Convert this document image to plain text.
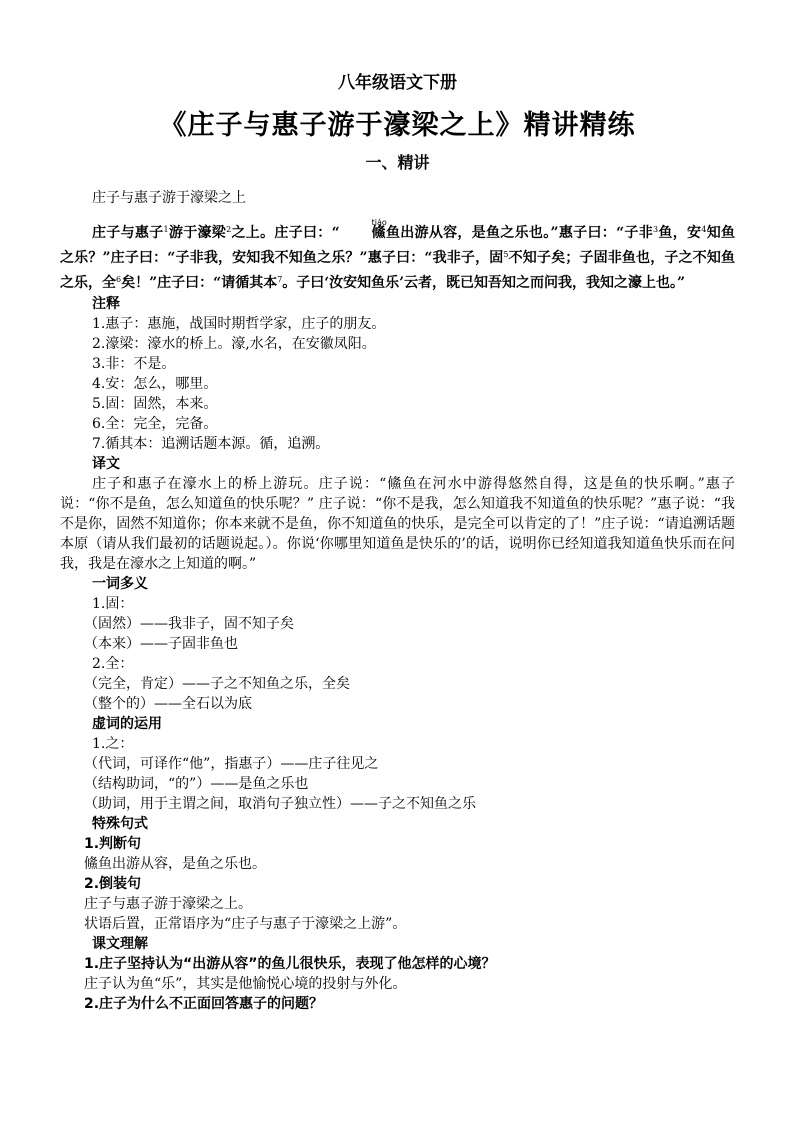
八年级语文下册
《庄子与惠子游于濠梁之上》精讲精练
一、精讲
庄子与惠子游于濠梁之上

庄子与惠子$^1$游于濠梁$^2$之上。庄子曰：“
tiáo
鯈鱼出游从容，是鱼之乐也。”惠子曰：“子非$^3$鱼，安$^4$知鱼之乐？”庄子曰：“子非我，安知我不知鱼之乐？”惠子曰：“我非子，固$^5$不知子矣；子固非鱼也，子之不知鱼之乐，全$^6$矣！”庄子曰：“请循其本$^7$。子曰‘汝安知鱼乐’云者，既已知吾知之而问我，我知之濠上也。”

注释
1.惠子：惠施，战国时期哲学家，庄子的朋友。
2.濠梁：濠水的桥上。濠,水名，在安徽凤阳。
3.非：不是。
4.安：怎么，哪里。
5.固：固然，本来。
6.全：完全，完备。
7.循其本：追溯话题本源。循，追溯。
译文

庄子和惠子在濠水上的桥上游玩。庄子说：“鯈鱼在河水中游得悠然自得，这是鱼的快乐啊。”惠子说：“你不是鱼，怎么知道鱼的快乐呢？” 庄子说：“你不是我，怎么知道我不知道鱼的快乐呢？”惠子说：“我不是你，固然不知道你；你本来就不是鱼，你不知道鱼的快乐，是完全可以肯定的了！”庄子说：“请追溯话题本原（请从我们最初的话题说起。）。你说‘你哪里知道鱼是快乐的’的话，说明你已经知道我知道鱼快乐而在问我，我是在濠水之上知道的啊。”

一词多义
1.固：
（固然）——我非子，固不知子矣
（本来）——子固非鱼也
2.全：
（完全，肯定）——子之不知鱼之乐，全矣
（整个的）——全石以为底
虚词的运用
1.之：
（代词，可译作“他”，指惠子）——庄子往见之
（结构助词，“的”）——是鱼之乐也
（助词，用于主谓之间，取消句子独立性）——子之不知鱼之乐
特殊句式
1.判断句
鯈鱼出游从容，是鱼之乐也。
2.倒装句
庄子与惠子游于濠梁之上。
状语后置，正常语序为“庄子与惠子于濠梁之上游”。
课文理解
1.庄子坚持认为“出游从容”的鱼儿很快乐，表现了他怎样的心境？
庄子认为鱼“乐”，其实是他愉悦心境的投射与外化。
2.庄子为什么不正面回答惠子的问题？
